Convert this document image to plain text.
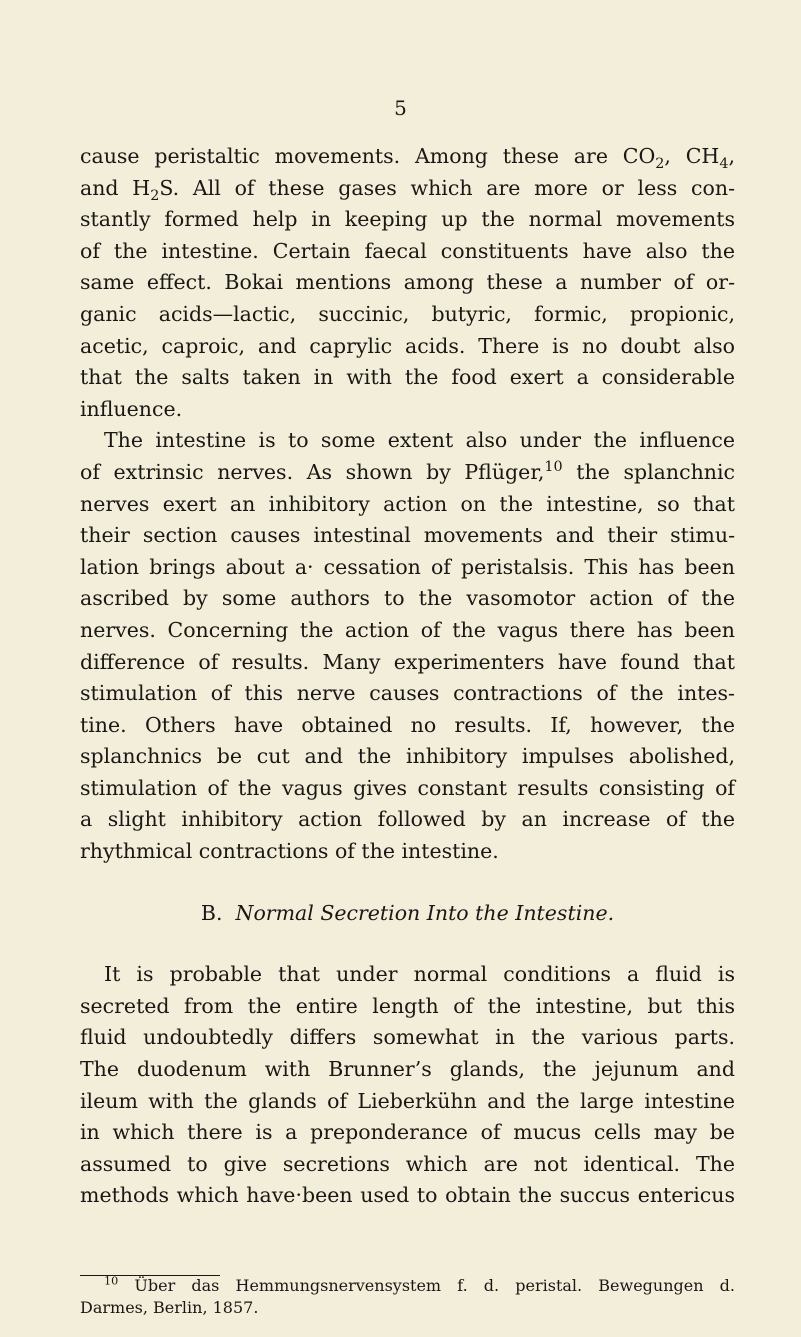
5
cause peristaltic movements. Among these are $CO_2$, $CH_4$,
and $H_2S$. All of these gases which are more or less con-
stantly formed help in keeping up the normal movements
of the intestine. Certain faecal constituents have also the
same effect. Bokai mentions among these a number of or-
ganic acids—lactic, succinic, butyric, formic, propionic,
acetic, caproic, and caprylic acids. There is no doubt also
that the salts taken in with the food exert a considerable
influence.
The intestine is to some extent also under the influence
of extrinsic nerves. As shown by Pflüger,$^{10}$ the splanchnic
nerves exert an inhibitory action on the intestine, so that
their section causes intestinal movements and their stimu-
lation brings about a· cessation of peristalsis. This has been
ascribed by some authors to the vasomotor action of the
nerves. Concerning the action of the vagus there has been
difference of results. Many experimenters have found that
stimulation of this nerve causes contractions of the intes-
tine. Others have obtained no results. If, however, the
splanchnics be cut and the inhibitory impulses abolished,
stimulation of the vagus gives constant results consisting of
a slight inhibitory action followed by an increase of the
rhythmical contractions of the intestine.
B. Normal Secretion Into the Intestine.
It is probable that under normal conditions a fluid is
secreted from the entire length of the intestine, but this
fluid undoubtedly differs somewhat in the various parts.
The duodenum with Brunner’s glands, the jejunum and
ileum with the glands of Lieberkühn and the large intestine
in which there is a preponderance of mucus cells may be
assumed to give secretions which are not identical. The
methods which have·been used to obtain the succus entericus
$^{10}$ Über das Hemmungsnervensystem f. d. peristal. Bewegungen d.
Darmes, Berlin, 1857.
